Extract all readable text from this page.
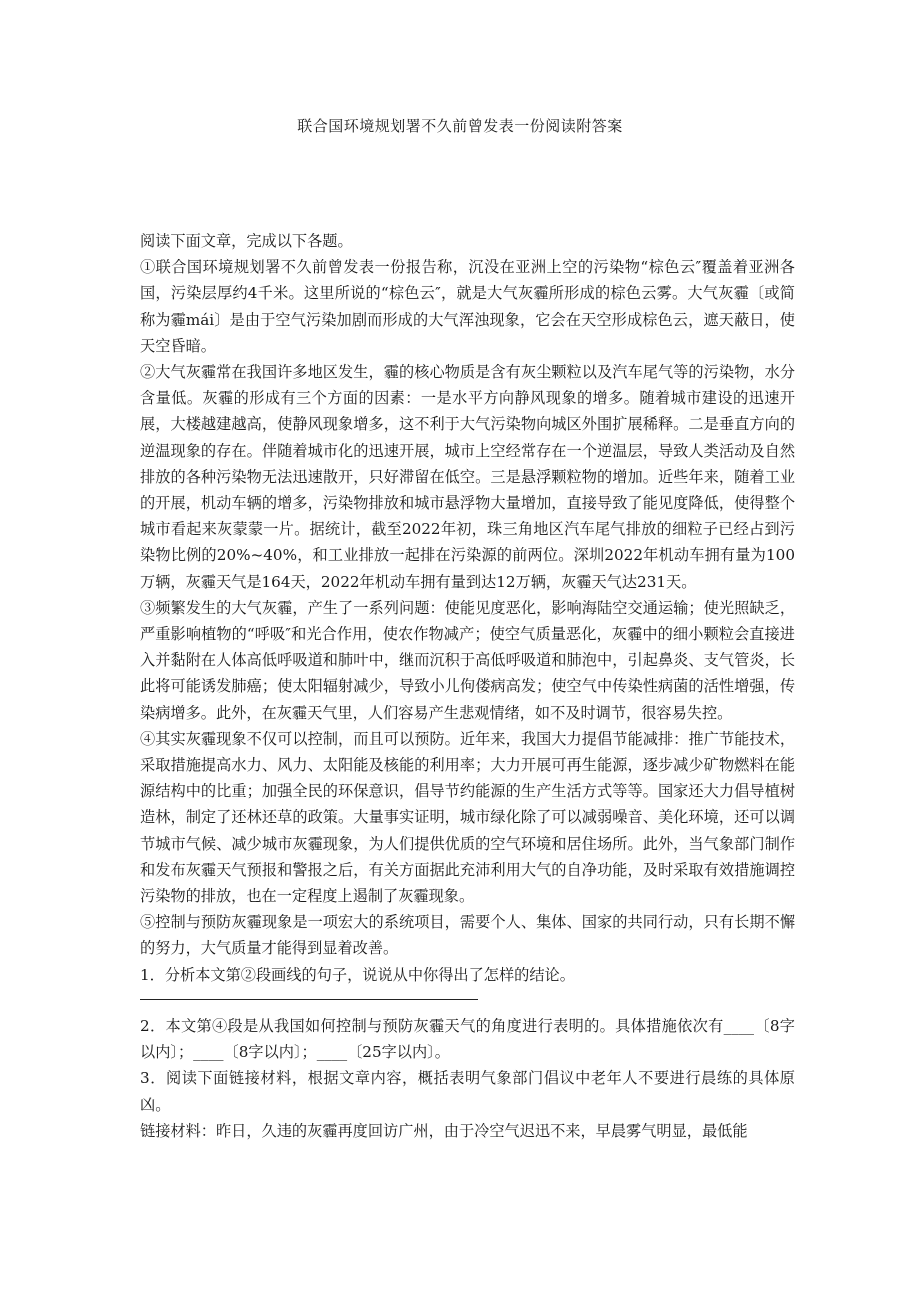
联合国环境规划署不久前曾发表一份阅读附答案

阅读下面文章，完成以下各题。

①联合国环境规划署不久前曾发表一份报告称，沉没在亚洲上空的污染物“棕色云″覆盖着亚洲各国，污染层厚约4千米。这里所说的“棕色云″，就是大气灰霾所形成的棕色云雾。大气灰霾〔或简称为霾mái〕是由于空气污染加剧而形成的大气浑浊现象，它会在天空形成棕色云，遮天蔽日，使天空昏暗。

②大气灰霾常在我国许多地区发生，霾的核心物质是含有灰尘颗粒以及汽车尾气等的污染物，水分含量低。灰霾的形成有三个方面的因素：一是水平方向静风现象的增多。随着城市建设的迅速开展，大楼越建越高，使静风现象增多，这不利于大气污染物向城区外围扩展稀释。二是垂直方向的逆温现象的存在。伴随着城市化的迅速开展，城市上空经常存在一个逆温层，导致人类活动及自然排放的各种污染物无法迅速散开，只好滞留在低空。三是悬浮颗粒物的增加。近些年来，随着工业的开展，机动车辆的增多，污染物排放和城市悬浮物大量增加，直接导致了能见度降低，使得整个城市看起来灰蒙蒙一片。据统计，截至2022年初，珠三角地区汽车尾气排放的细粒子已经占到污染物比例的20%~40%，和工业排放一起排在污染源的前两位。深圳2022年机动车拥有量为100万辆，灰霾天气是164天，2022年机动车拥有量到达12万辆，灰霾天气达231天。

③频繁发生的大气灰霾，产生了一系列问题：使能见度恶化，影响海陆空交通运输；使光照缺乏，严重影响植物的“呼吸″和光合作用，使农作物减产；使空气质量恶化，灰霾中的细小颗粒会直接进入并黏附在人体高低呼吸道和肺叶中，继而沉积于高低呼吸道和肺泡中，引起鼻炎、支气管炎，长此将可能诱发肺癌；使太阳辐射减少，导致小儿佝偻病高发；使空气中传染性病菌的活性增强，传染病增多。此外，在灰霾天气里，人们容易产生悲观情绪，如不及时调节，很容易失控。

④其实灰霾现象不仅可以控制，而且可以预防。近年来，我国大力提倡节能减排：推广节能技术，采取措施提高水力、风力、太阳能及核能的利用率；大力开展可再生能源，逐步减少矿物燃料在能源结构中的比重；加强全民的环保意识，倡导节约能源的生产生活方式等等。国家还大力倡导植树造林，制定了还林还草的政策。大量事实证明，城市绿化除了可以减弱噪音、美化环境，还可以调节城市气候、减少城市灰霾现象，为人们提供优质的空气环境和居住场所。此外，当气象部门制作和发布灰霾天气预报和警报之后，有关方面据此充沛利用大气的自净功能，及时采取有效措施调控污染物的排放，也在一定程度上遏制了灰霾现象。

⑤控制与预防灰霾现象是一项宏大的系统项目，需要个人、集体、国家的共同行动，只有长期不懈的努力，大气质量才能得到显着改善。

1．分析本文第②段画线的句子，说说从中你得出了怎样的结论。

2．本文第④段是从我国如何控制与预防灰霾天气的角度进行表明的。具体措施依次有____〔8字以内〕；____〔8字以内〕；____〔25字以内〕。

3．阅读下面链接材料，根据文章内容，概括表明气象部门倡议中老年人不要进行晨练的具体原凶。

链接材料：昨日，久违的灰霾再度回访广州，由于冷空气迟迅不来，早晨雾气明显，最低能
